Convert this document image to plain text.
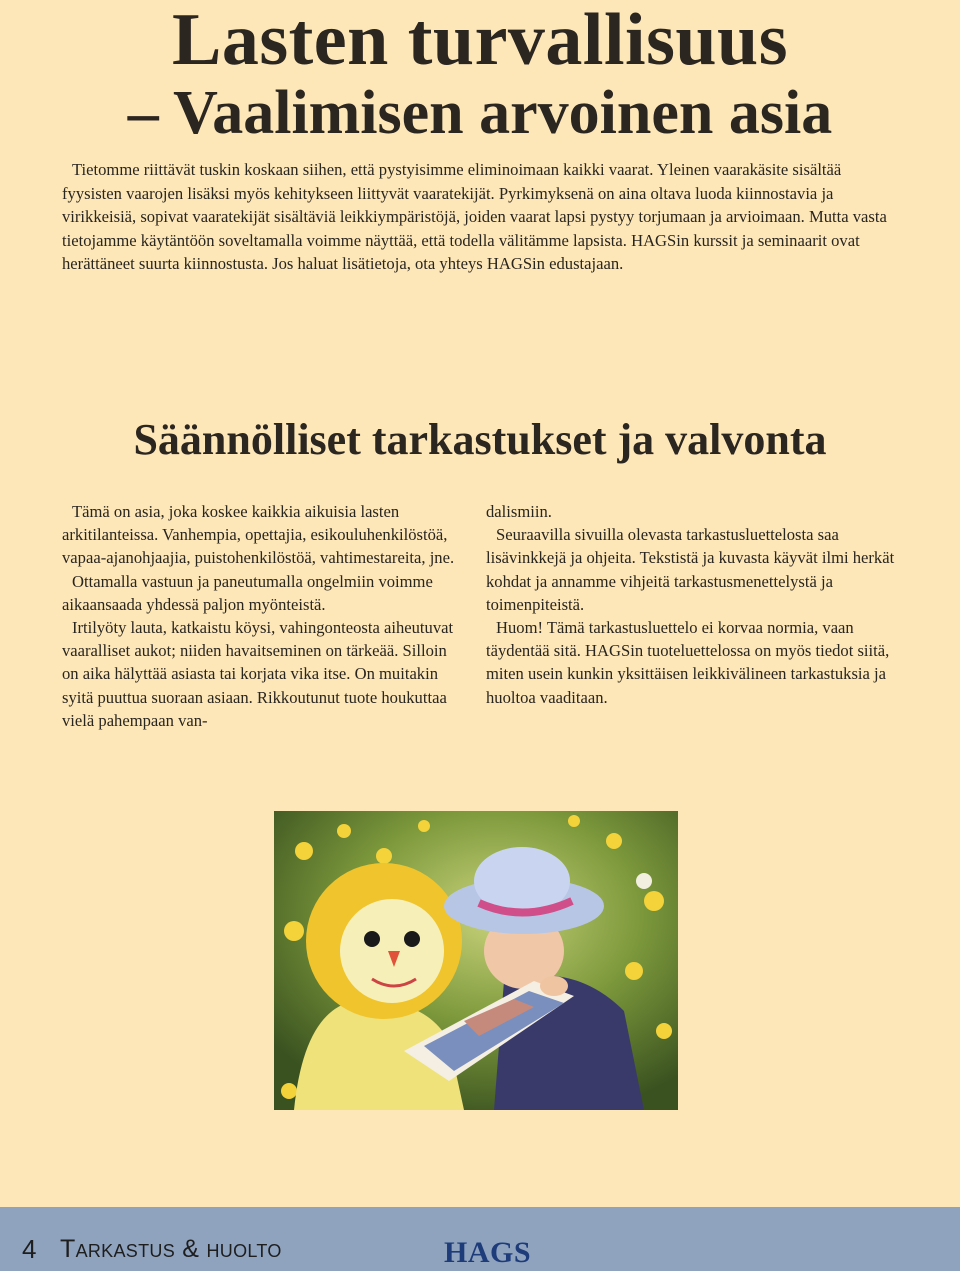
Lasten turvallisuus
– Vaalimisen arvoinen asia

Tietomme riittävät tuskin koskaan siihen, että pystyisimme eliminoimaan kaikki vaarat. Yleinen vaarakäsite sisältää fyysisten vaarojen lisäksi myös kehitykseen liittyvät vaaratekijät. Pyrkimyksenä on aina oltava luoda kiinnostavia ja virikkeisiä, sopivat vaaratekijät sisältäviä leikkiympäristöjä, joiden vaarat lapsi pystyy torjumaan ja arvioimaan. Mutta vasta tietojamme käytäntöön soveltamalla voimme näyttää, että todella välitämme lapsista. HAGSin kurssit ja seminaarit ovat herättäneet suurta kiinnostusta. Jos haluat lisätietoja, ota yhteys HAGSin edustajaan.

Säännölliset tarkastukset ja valvonta

Tämä on asia, joka koskee kaikkia aikuisia lasten arkitilanteissa. Vanhempia, opettajia, esikouluhenkilöstöä, vapaa-ajanohjaajia, puistohenkilöstöä, vahtimestareita, jne.

Ottamalla vastuun ja paneutumalla ongelmiin voimme aikaansaada yhdessä paljon myönteistä.

Irtilyöty lauta, katkaistu köysi, vahingonteosta aiheutuvat vaaralliset aukot; niiden havaitseminen on tärkeää. Silloin on aika hälyttää asiasta tai korjata vika itse. On muitakin syitä puuttua suoraan asiaan. Rikkoutunut tuote houkuttaa vielä pahempaan van-

dalismiin.

Seuraavilla sivuilla olevasta tarkastusluettelosta saa lisävinkkejä ja ohjeita. Tekstistä ja kuvasta käyvät ilmi herkät kohdat ja annamme vihjeitä tarkastusmenettelystä ja toimenpiteistä.

Huom! Tämä tarkastusluettelo ei korvaa normia, vaan täydentää sitä. HAGSin tuoteluettelossa on myös tiedot siitä, miten usein kunkin yksittäisen leikkivälineen tarkastuksia ja huoltoa vaaditaan.

4 TARKASTUS & HUOLTO	HAGS
